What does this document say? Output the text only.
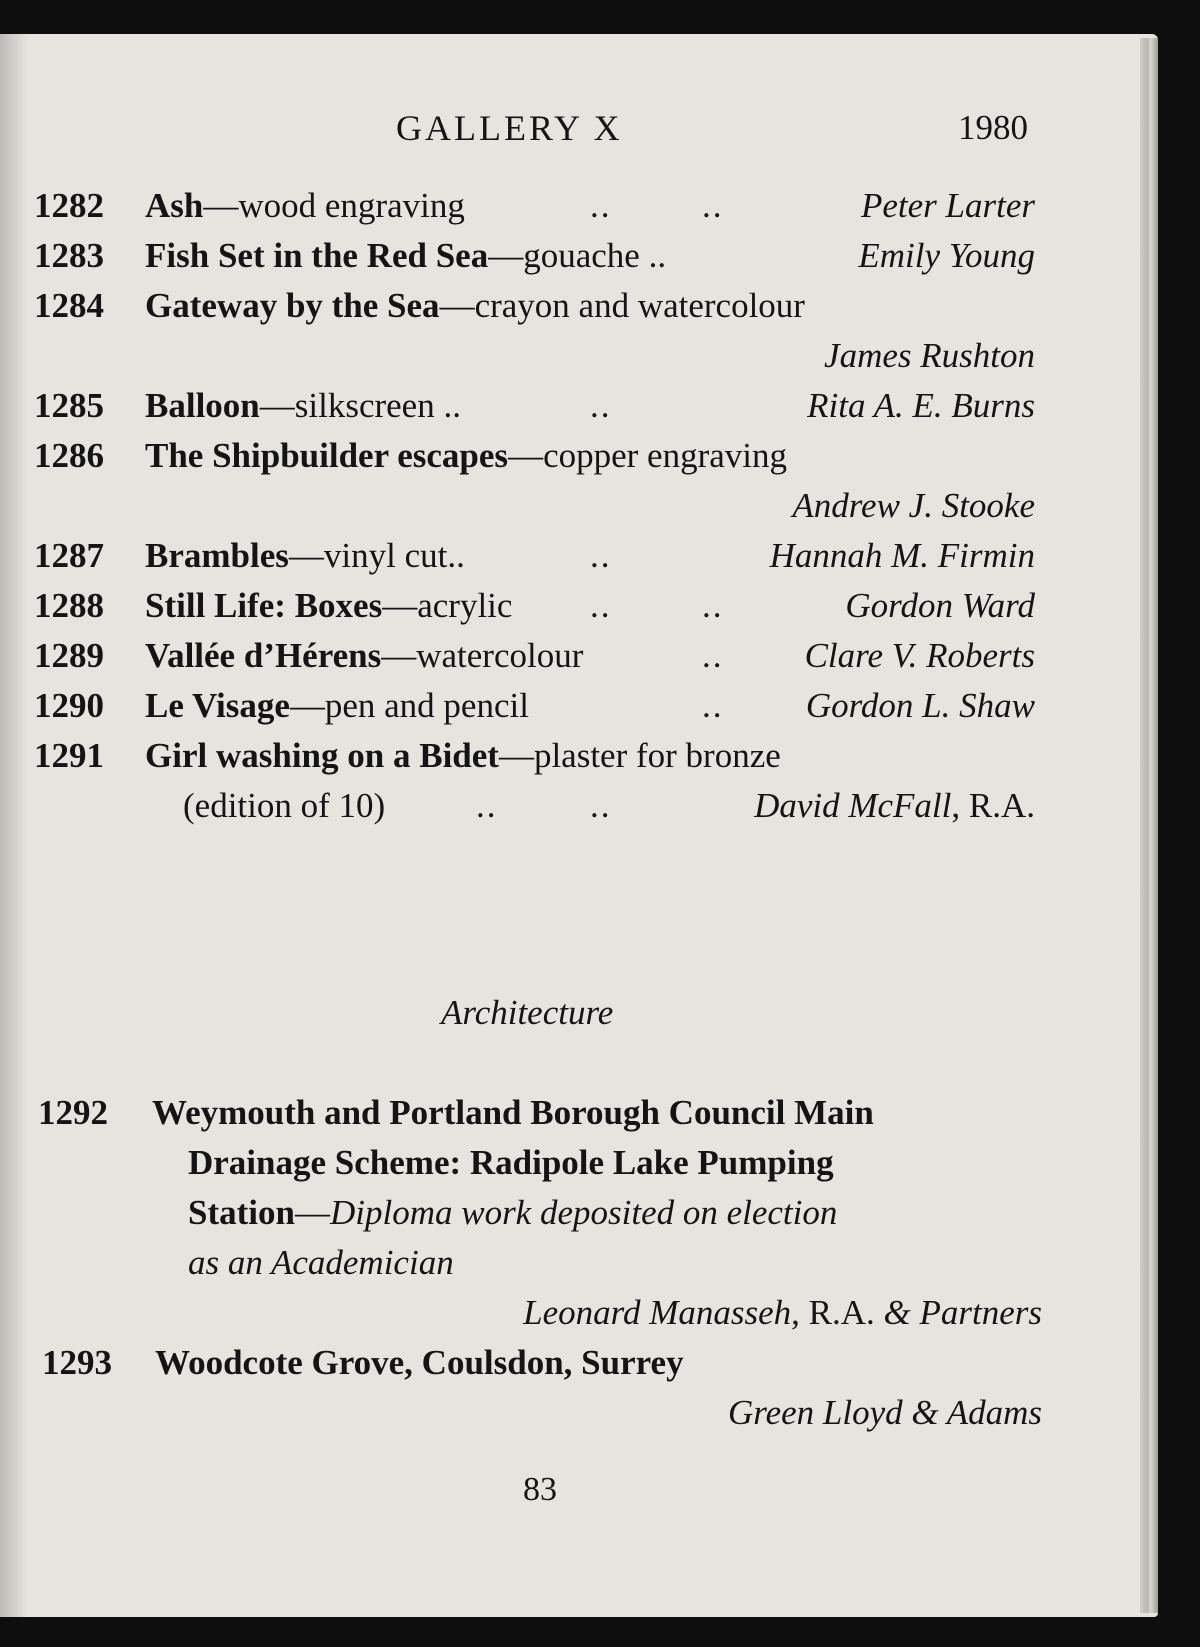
GALLERY X	1980
1282 Ash—wood engraving	..	..	Peter Larter
1283 Fish Set in the Red Sea—gouache ..	Emily Young
1284 Gateway by the Sea—crayon and watercolour
James Rushton
1285 Balloon—silkscreen ..	..	Rita A. E. Burns
1286 The Shipbuilder escapes—copper engraving
Andrew J. Stooke
1287 Brambles—vinyl cut..	..	Hannah M. Firmin
1288 Still Life: Boxes—acrylic ..	..	Gordon Ward
1289 Vallée d’Hérens—watercolour	.. Clare V. Roberts
1290 Le Visage—pen and pencil	.. Gordon L. Shaw
1291 Girl washing on a Bidet—plaster for bronze
(edition of 10)	..	..	David McFall, R.A.
Architecture
1292 Weymouth and Portland Borough Council Main
Drainage Scheme: Radipole Lake Pumping
Station—Diploma work deposited on election
as an Academician
Leonard Manasseh, R.A. & Partners
1293 Woodcote Grove, Coulsdon, Surrey
Green Lloyd & Adams
83
